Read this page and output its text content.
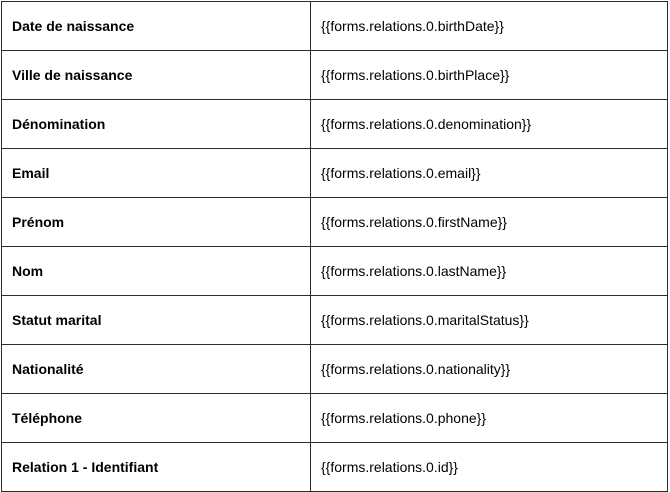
Date de naissance	{{forms.relations.0.birthDate}}
Ville de naissance	{{forms.relations.0.birthPlace}}
Dénomination	{{forms.relations.0.denomination}}
Email	{{forms.relations.0.email}}
Prénom	{{forms.relations.0.firstName}}
Nom	{{forms.relations.0.lastName}}
Statut marital	{{forms.relations.0.maritalStatus}}
Nationalité	{{forms.relations.0.nationality}}
Téléphone	{{forms.relations.0.phone}}
Relation 1 - Identifiant	{{forms.relations.0.id}}
